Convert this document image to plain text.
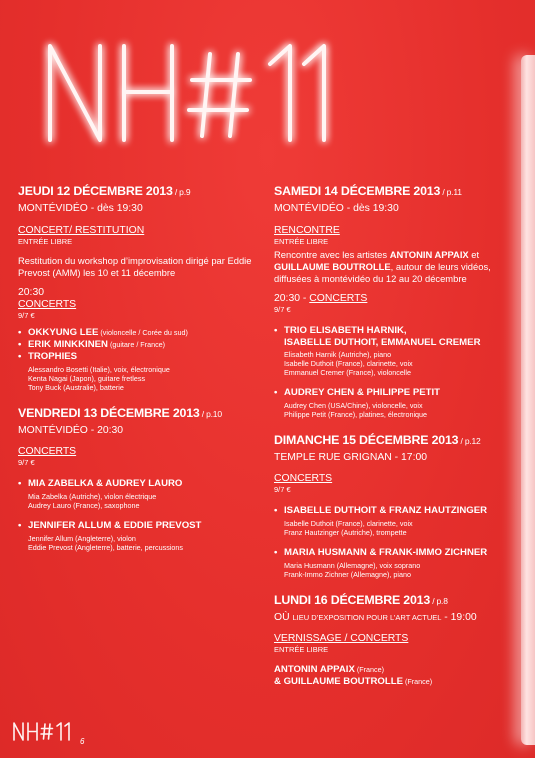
JEUDI 12 DÉCEMBRE 2013 / p.9
MONTÉVIDÉO - dès 19:30
CONCERT/ RESTITUTION
ENTRÉE LIBRE
Restitution du workshop d’improvisation dirigé par Eddie Prevost (AMM) les 10 et 11 décembre
20:30
CONCERTS
9/7 €
• OKKYUNG LEE (violoncelle / Corée du sud)
• ERIK MINKKINEN (guitare / France)
• TROPHIES
Alessandro Bosetti (Italie), voix, électronique
Kenta Nagai (Japon), guitare fretless
Tony Buck (Australie), batterie
VENDREDI 13 DÉCEMBRE 2013 / p.10
MONTÉVIDÉO - 20:30
CONCERTS
9/7 €
• MIA ZABELKA & AUDREY LAURO
Mia Zabelka (Autriche), violon électrique
Audrey Lauro (France), saxophone
• JENNIFER ALLUM & EDDIE PREVOST
Jennifer Allum (Angleterre), violon
Eddie Prevost (Angleterre), batterie, percussions
SAMEDI 14 DÉCEMBRE 2013 / p.11
MONTÉVIDÉO - dès 19:30
RENCONTRE
ENTRÉE LIBRE
Rencontre avec les artistes ANTONIN APPAIX et GUILLAUME BOUTROLLE, autour de leurs vidéos, diffusées à montévidéo du 12 au 20 décembre
20:30 - CONCERTS
9/7 €
• TRIO ELISABETH HARNIK,
ISABELLE DUTHOIT, EMMANUEL CREMER
Elisabeth Harnik (Autriche), piano
Isabelle Duthoit (France), clarinette, voix
Emmanuel Cremer (France), violoncelle
• AUDREY CHEN & PHILIPPE PETIT
Audrey Chen (USA/Chine), violoncelle, voix
Philippe Petit (France), platines, électronique
DIMANCHE 15 DÉCEMBRE 2013 / p.12
TEMPLE RUE GRIGNAN - 17:00
CONCERTS
9/7 €
• ISABELLE DUTHOIT & FRANZ HAUTZINGER
Isabelle Duthoit (France), clarinette, voix
Franz Hautzinger (Autriche), trompette
• MARIA HUSMANN & FRANK-IMMO ZICHNER
Maria Husmann (Allemagne), voix soprano
Frank-Immo Zichner (Allemagne), piano
LUNDI 16 DÉCEMBRE 2013 / p.8
OÙ LIEU D’EXPOSITION POUR L’ART ACTUEL - 19:00
VERNISSAGE / CONCERTS
ENTRÉE LIBRE
ANTONIN APPAIX (France)
& GUILLAUME BOUTROLLE (France)
6
